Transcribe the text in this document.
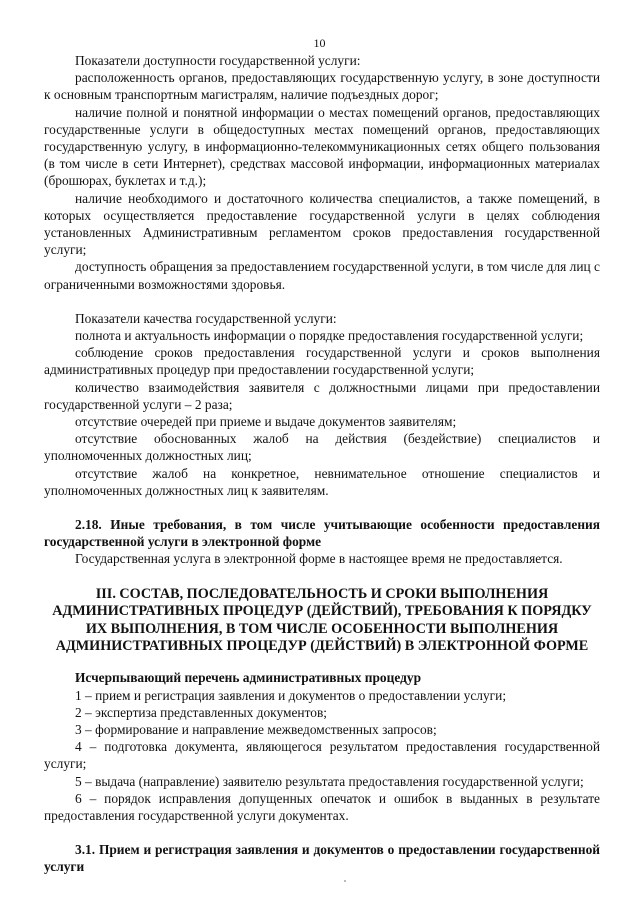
10

Показатели доступности государственной услуги:

расположенность органов, предоставляющих государственную услугу, в зоне доступности к основным транспортным магистралям, наличие подъездных дорог;

наличие полной и понятной информации о местах помещений органов, предоставляющих государственные услуги в общедоступных местах помещений органов, предоставляющих государственную услугу, в информационно-телекоммуникационных сетях общего пользования (в том числе в сети Интернет), средствах массовой информации, информационных материалах (брошюрах, буклетах и т.д.);

наличие необходимого и достаточного количества специалистов, а также помещений, в которых осуществляется предоставление государственной услуги в целях соблюдения установленных Административным регламентом сроков предоставления государственной услуги;

доступность обращения за предоставлением государственной услуги, в том числе для лиц с ограниченными возможностями здоровья.

Показатели качества государственной услуги:

полнота и актуальность информации о порядке предоставления государственной услуги;

соблюдение сроков предоставления государственной услуги и сроков выполнения административных процедур при предоставлении государственной услуги;

количество взаимодействия заявителя с должностными лицами при предоставлении государственной услуги – 2 раза;

отсутствие очередей при приеме и выдаче документов заявителям;

отсутствие обоснованных жалоб на действия (бездействие) специалистов и уполномоченных должностных лиц;

отсутствие жалоб на конкретное, невнимательное отношение специалистов и уполномоченных должностных лиц к заявителям.

2.18. Иные требования, в том числе учитывающие особенности предоставления государственной услуги в электронной форме

Государственная услуга в электронной форме в настоящее время не предоставляется.

III. СОСТАВ, ПОСЛЕДОВАТЕЛЬНОСТЬ И СРОКИ ВЫПОЛНЕНИЯ АДМИНИСТРАТИВНЫХ ПРОЦЕДУР (ДЕЙСТВИЙ), ТРЕБОВАНИЯ К ПОРЯДКУ ИХ ВЫПОЛНЕНИЯ, В ТОМ ЧИСЛЕ ОСОБЕННОСТИ ВЫПОЛНЕНИЯ АДМИНИСТРАТИВНЫХ ПРОЦЕДУР (ДЕЙСТВИЙ) В ЭЛЕКТРОННОЙ ФОРМЕ

Исчерпывающий перечень административных процедур

1 – прием и регистрация заявления и документов о предоставлении услуги;

2 – экспертиза представленных документов;

3 – формирование и направление межведомственных запросов;

4 – подготовка документа, являющегося результатом предоставления государственной услуги;

5 – выдача (направление) заявителю результата предоставления государственной услуги;

6 – порядок исправления допущенных опечаток и ошибок в выданных в результате предоставления государственной услуги документах.

3.1. Прием и регистрация заявления и документов о предоставлении государственной услуги
